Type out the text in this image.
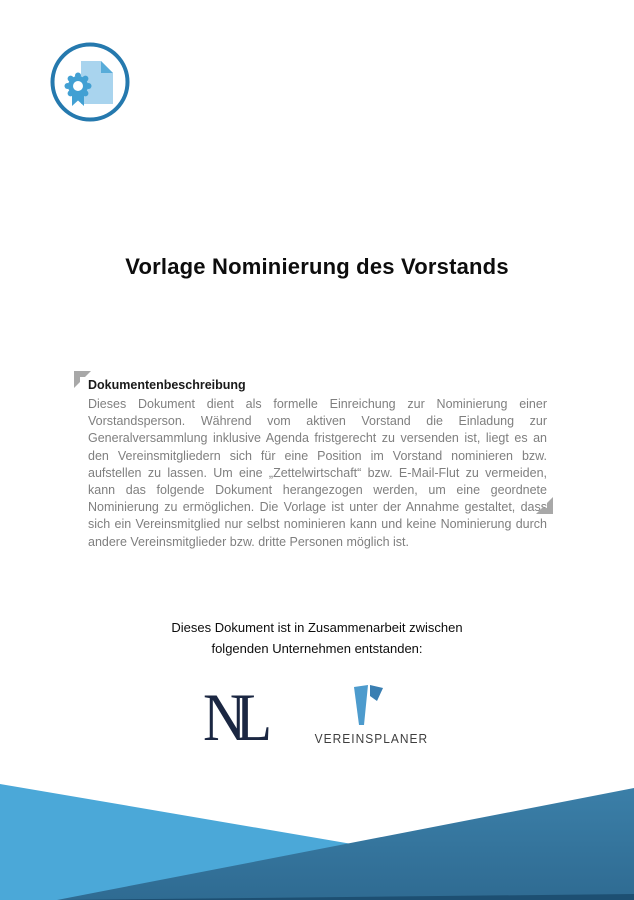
Vorlage Nominierung des Vorstands
Dokumentenbeschreibung

Dieses Dokument dient als formelle Einreichung zur Nominierung einer Vorstandsperson. Während vom aktiven Vorstand die Einladung zur Generalversammlung inklusive Agenda fristgerecht zu versenden ist, liegt es an den Vereinsmitgliedern sich für eine Position im Vorstand nominieren bzw. aufstellen zu lassen. Um eine „Zettelwirtschaft“ bzw. E-Mail-Flut zu vermeiden, kann das folgende Dokument herangezogen werden, um eine geordnete Nominierung zu ermöglichen. Die Vorlage ist unter der Annahme gestaltet, dass sich ein Vereinsmitglied nur selbst nominieren kann und keine Nominierung durch andere Vereinsmitglieder bzw. dritte Personen möglich ist.

Dieses Dokument ist in Zusammenarbeit zwischen
folgenden Unternehmen entstanden:
NL	VEREINSPLANER
